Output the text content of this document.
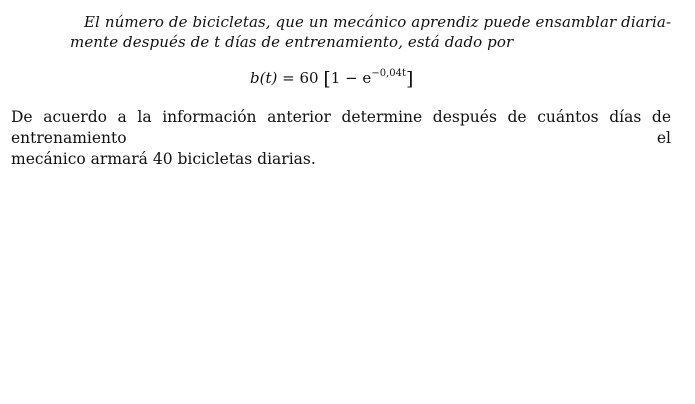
El número de bicicletas, que un mecánico aprendiz puede ensamblar diaria-
mente después de t días de entrenamiento, está dado por
b(t) = 60 $[1 - e^{-0,04t}]$
De acuerdo a la información anterior determine después de cuántos días de entrenamiento el
mecánico armará 40 bicicletas diarias.
